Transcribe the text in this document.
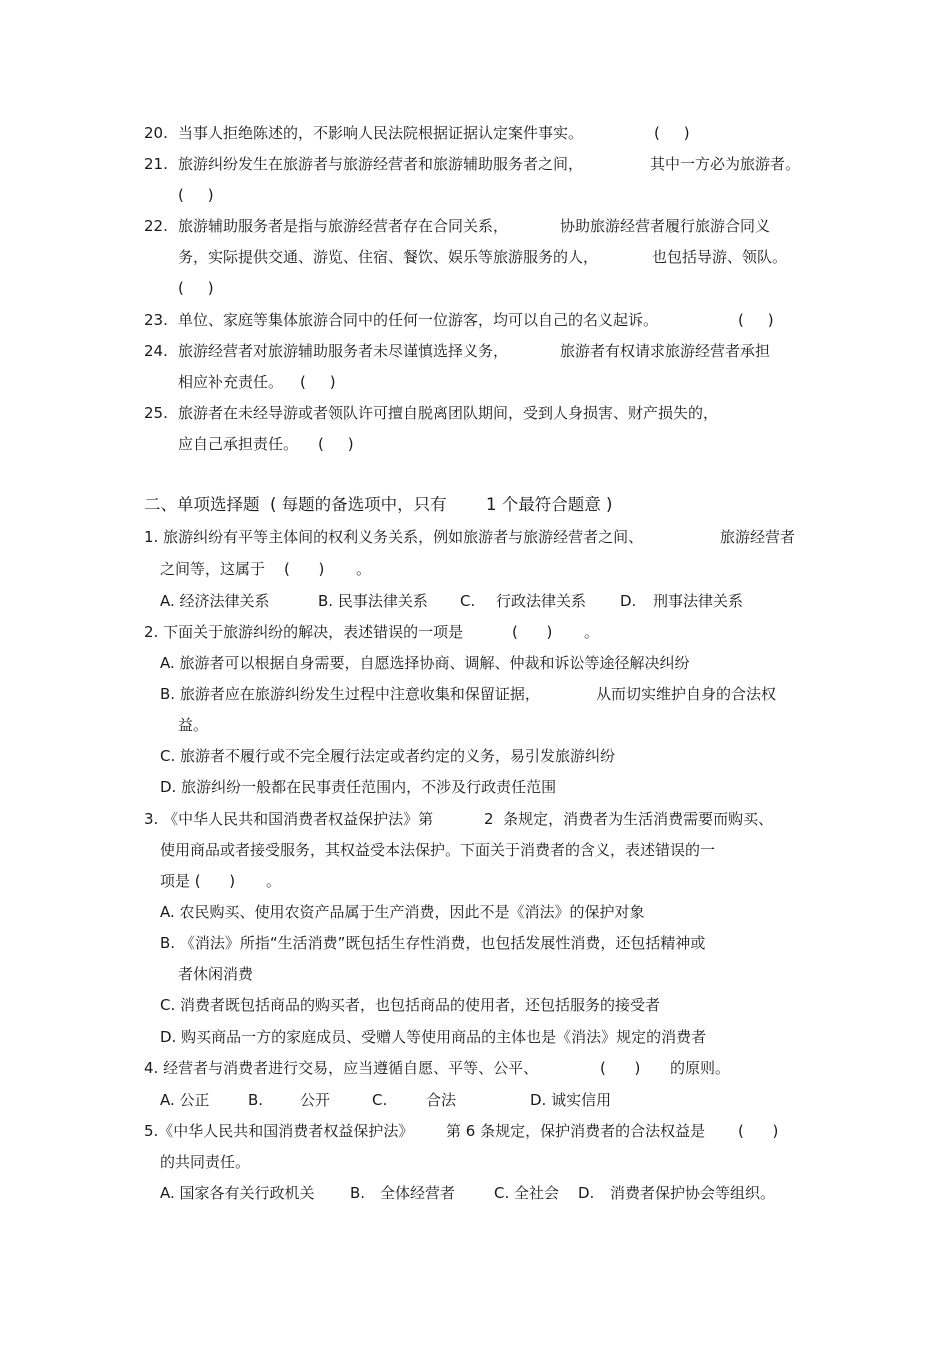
20. 当事人拒绝陈述的，不影响人民法院根据证据认定案件事实。	(     )
21. 旅游纠纷发生在旅游者与旅游经营者和旅游辅助服务者之间，	其中一方必为旅游者。
(     )
22. 旅游辅助服务者是指与旅游经营者存在合同关系，	协助旅游经营者履行旅游合同义
务，实际提供交通、游览、住宿、餐饮、娱乐等旅游服务的人，	也包括导游、领队。
(     )
23. 单位、家庭等集体旅游合同中的任何一位游客，均可以自己的名义起诉。	(     )
24. 旅游经营者对旅游辅助服务者未尽谨慎选择义务，	旅游者有权请求旅游经营者承担
相应补充责任。 (     )
25. 旅游者在未经导游或者领队许可擅自脱离团队期间，受到人身损害、财产损失的，
应自己承担责任。 (     )
二、单项选择题 ( 每题的备选项中，只有 1 个最符合题意 )
1. 旅游纠纷有平等主体间的权利义务关系，例如旅游者与旅游经营者之间、	旅游经营者
之间等，这属于 (      ) 。
A. 经济法律关系	B. 民事法律关系 C. 行政法律关系 D. 刑事法律关系
2. 下面关于旅游纠纷的解决，表述错误的一项是	(      ) 。
A. 旅游者可以根据自身需要，自愿选择协商、调解、仲裁和诉讼等途径解决纠纷
B. 旅游者应在旅游纠纷发生过程中注意收集和保留证据，	从而切实维护自身的合法权
益。
C. 旅游者不履行或不完全履行法定或者约定的义务，易引发旅游纠纷
D. 旅游纠纷一般都在民事责任范围内，不涉及行政责任范围
3. 《中华人民共和国消费者权益保护法》第	2  条规定，消费者为生活消费需要而购买、
使用商品或者接受服务，其权益受本法保护。下面关于消费者的含义，表述错误的一
项是 (      ) 。
A. 农民购买、使用农资产品属于生产消费，因此不是《消法》的保护对象
B. 《消法》所指“生活消费”既包括生存性消费，也包括发展性消费，还包括精神或
者休闲消费
C. 消费者既包括商品的购买者，也包括商品的使用者，还包括服务的接受者
D. 购买商品一方的家庭成员、受赠人等使用商品的主体也是《消法》规定的消费者
4. 经营者与消费者进行交易，应当遵循自愿、平等、公平、	(      ) 的原则。
A. 公正	B. 公开	C.	合法	D. 诚实信用
5.《中华人民共和国消费者权益保护法》 第 6 条规定，保护消费者的合法权益是 (      )
的共同责任。
A. 国家各有关行政机关 B. 全体经营者	C. 全社会 D. 消费者保护协会等组织。
